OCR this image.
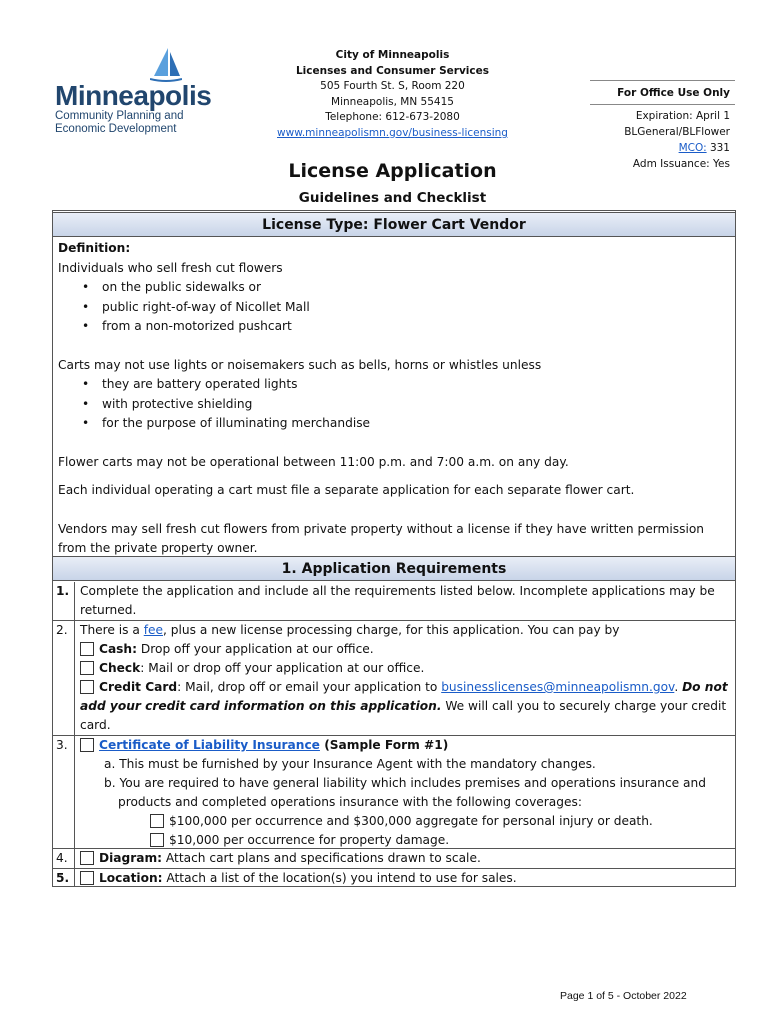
Minneapolis
Community Planning and
Economic Development
City of Minneapolis
Licenses and Consumer Services
505 Fourth St. S, Room 220
Minneapolis, MN 55415
Telephone: 612-673-2080
www.minneapolismn.gov/business-licensing
For Office Use Only
Expiration: April 1
BLGeneral/BLFlower
MCO: 331
Adm Issuance: Yes
License Application
Guidelines and Checklist
License Type: Flower Cart Vendor
Definition:
Individuals who sell fresh cut flowers
• on the public sidewalks or
• public right-of-way of Nicollet Mall
• from a non-motorized pushcart
Carts may not use lights or noisemakers such as bells, horns or whistles unless
• they are battery operated lights
• with protective shielding
• for the purpose of illuminating merchandise
Flower carts may not be operational between 11:00 p.m. and 7:00 a.m. on any day.
Each individual operating a cart must file a separate application for each separate flower cart.
Vendors may sell fresh cut flowers from private property without a license if they have written permission from the private property owner.
1. Application Requirements
1. Complete the application and include all the requirements listed below. Incomplete applications may be returned.
2.	There is a fee, plus a new license processing charge, for this application. You can pay by
Cash: Drop off your application at our office.
Check: Mail or drop off your application at our office.
Credit Card: Mail, drop off or email your application to businesslicenses@minneapolismn.gov. Do not add your credit card information on this application. We will call you to securely charge your credit card.
3.	Certificate of Liability Insurance (Sample Form #1)
a. This must be furnished by your Insurance Agent with the mandatory changes.
b. You are required to have general liability which includes premises and operations insurance and products and completed operations insurance with the following coverages:
$100,000 per occurrence and $300,000 aggregate for personal injury or death.
$10,000 per occurrence for property damage.
4.	Diagram: Attach cart plans and specifications drawn to scale.
5.	Location: Attach a list of the location(s) you intend to use for sales.
Page 1 of 5 - October 2022
